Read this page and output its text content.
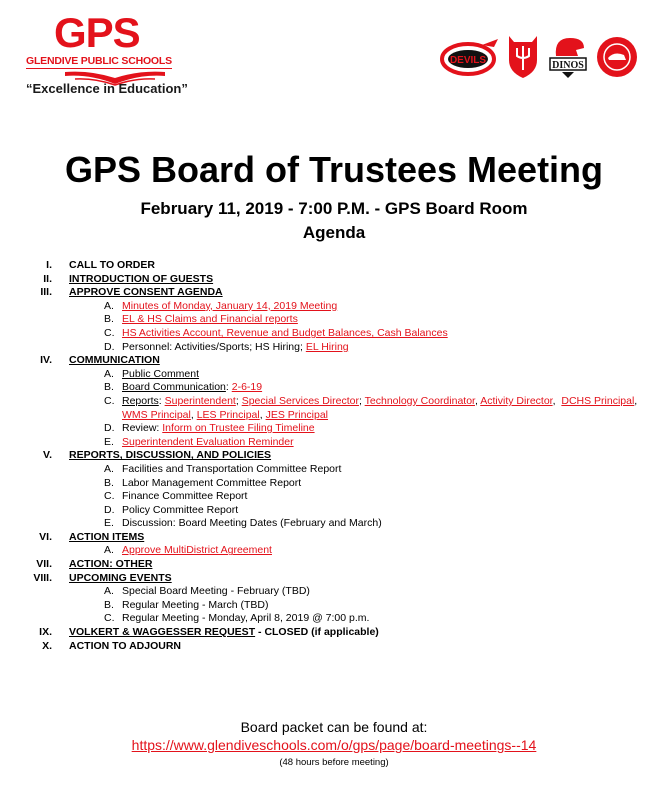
GPS
GLENDIVE PUBLIC SCHOOLS
“Excellence in Education”
DEVILS	DINOS
GPS Board of Trustees Meeting
February 11, 2019 - 7:00 P.M. - GPS Board Room
Agenda
I. CALL TO ORDER
II. INTRODUCTION OF GUESTS
III. APPROVE CONSENT AGENDA
A. Minutes of Monday, January 14, 2019 Meeting
B. EL & HS Claims and Financial reports
C. HS Activities Account, Revenue and Budget Balances, Cash Balances
D. Personnel: Activities/Sports; HS Hiring; EL Hiring
IV. COMMUNICATION
A. Public Comment
B. Board Communication: 2-6-19
C. Reports: Superintendent; Special Services Director; Technology Coordinator, Activity Director,  DCHS Principal,
WMS Principal, LES Principal, JES Principal
D. Review: Inform on Trustee Filing Timeline
E. Superintendent Evaluation Reminder
V. REPORTS, DISCUSSION, AND POLICIES
A. Facilities and Transportation Committee Report
B. Labor Management Committee Report
C. Finance Committee Report
D. Policy Committee Report
E. Discussion: Board Meeting Dates (February and March)
VI. ACTION ITEMS
A. Approve MultiDistrict Agreement
VII. ACTION: OTHER
VIII. UPCOMING EVENTS
A. Special Board Meeting - February (TBD)
B. Regular Meeting - March (TBD)
C. Regular Meeting - Monday, April 8, 2019 @ 7:00 p.m.
IX. VOLKERT & WAGGESSER REQUEST - CLOSED (if applicable)
X. ACTION TO ADJOURN
Board packet can be found at:
https://www.glendiveschools.com/o/gps/page/board-meetings--14
(48 hours before meeting)
